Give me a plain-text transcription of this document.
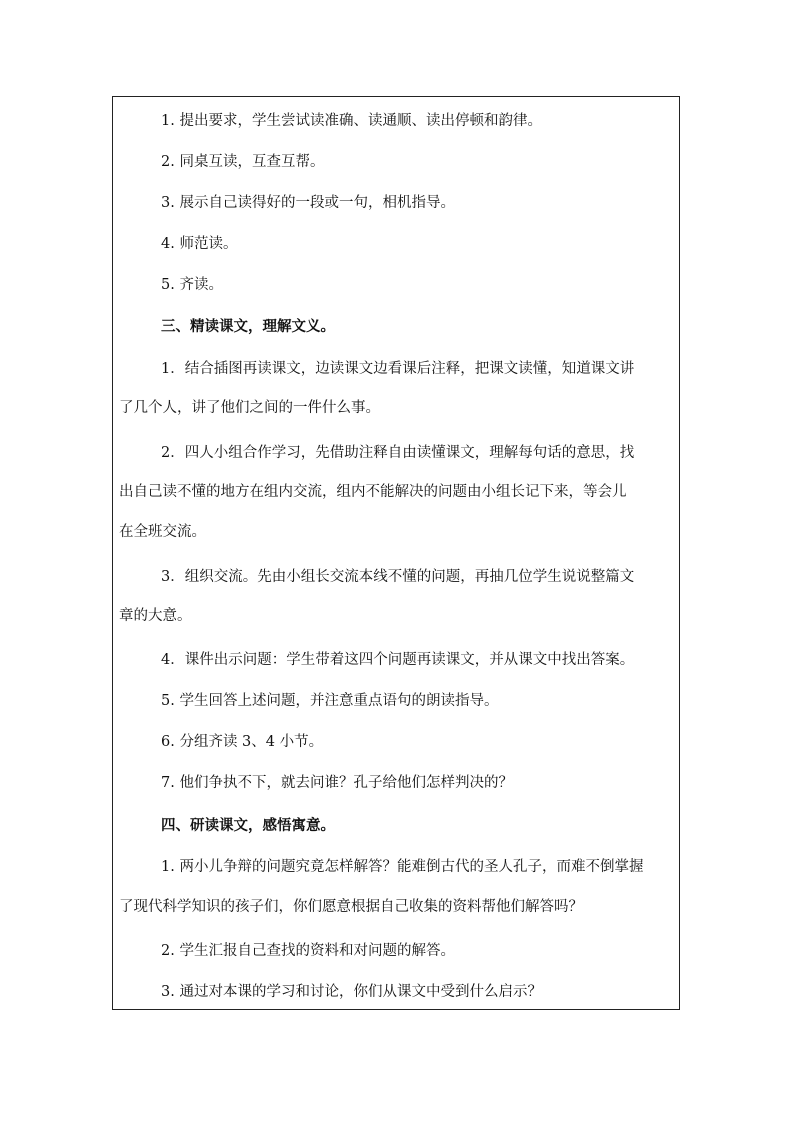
1. 提出要求，学生尝试读准确、读通顺、读出停顿和韵律。
2. 同桌互读，互查互帮。
3. 展示自己读得好的一段或一句，相机指导。
4. 师范读。
5. 齐读。
三、精读课文，理解文义。
1．结合插图再读课文，边读课文边看课后注释，把课文读懂，知道课文讲
了几个人，讲了他们之间的一件什么事。
2．四人小组合作学习，先借助注释自由读懂课文，理解每句话的意思，找
出自己读不懂的地方在组内交流，组内不能解决的问题由小组长记下来，等会儿
在全班交流。
3．组织交流。先由小组长交流本线不懂的问题，再抽几位学生说说整篇文
章的大意。
4．课件出示问题：学生带着这四个问题再读课文，并从课文中找出答案。
5. 学生回答上述问题，并注意重点语句的朗读指导。
6. 分组齐读 3、4 小节。
7. 他们争执不下，就去问谁？孔子给他们怎样判决的？
四、研读课文，感悟寓意。
1. 两小儿争辩的问题究竟怎样解答？能难倒古代的圣人孔子，而难不倒掌握
了现代科学知识的孩子们，你们愿意根据自己收集的资料帮他们解答吗？
2. 学生汇报自己查找的资料和对问题的解答。
3. 通过对本课的学习和讨论，你们从课文中受到什么启示？
